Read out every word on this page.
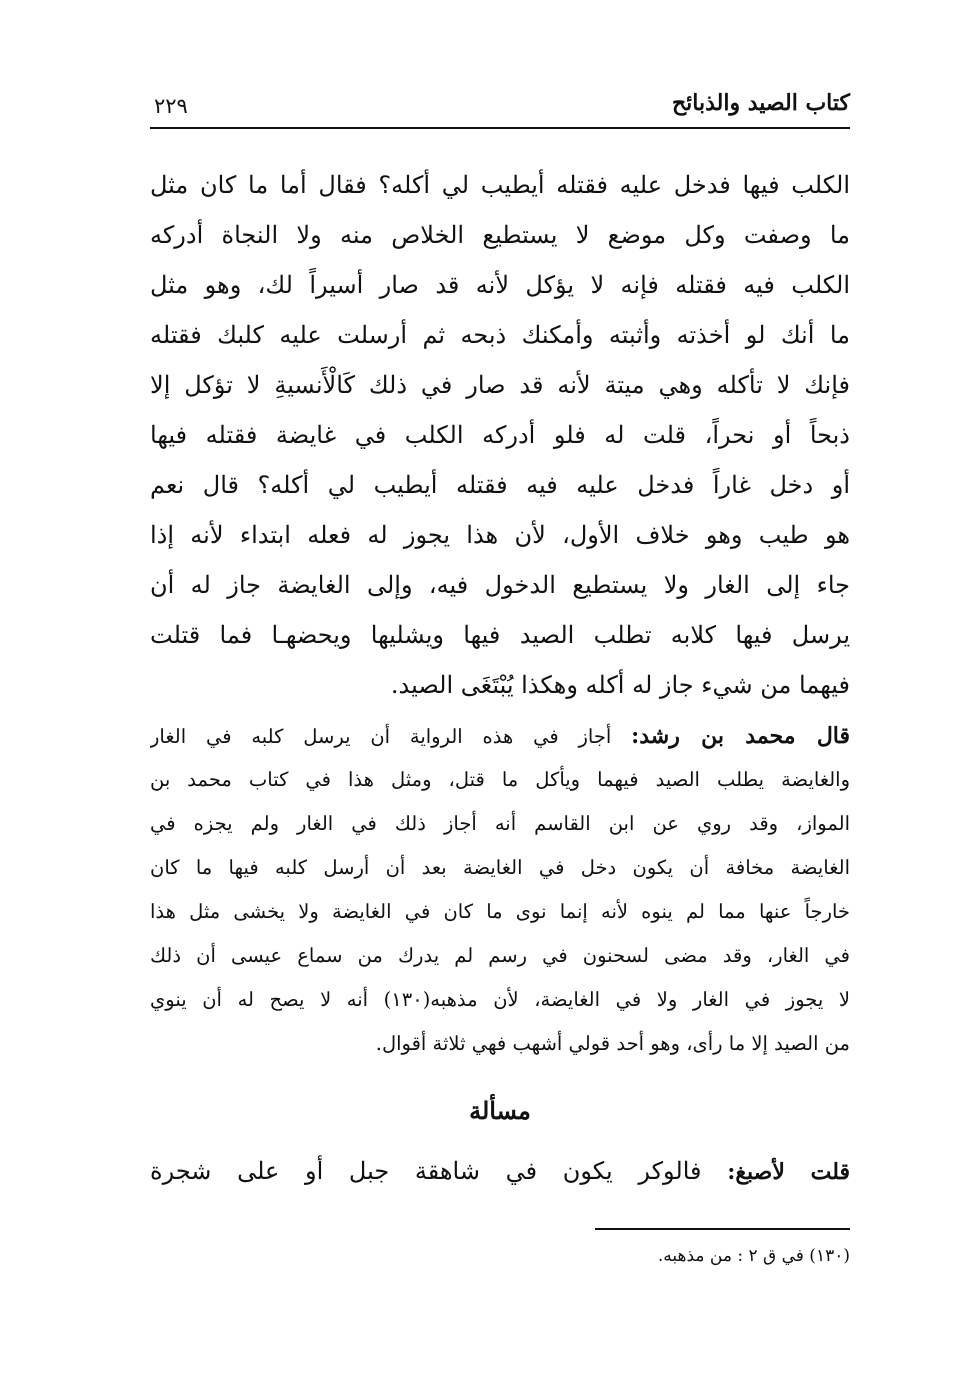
كتاب الصيد والذبائح
٢٢٩
الكلب فيها فدخل عليه فقتله أيطيب لي أكله؟ فقال أما ما كان مثل
ما وصفت وكل موضع لا يستطيع الخلاص منه ولا النجاة أدركه
الكلب فيه فقتله فإنه لا يؤكل لأنه قد صار أسيراً لك، وهو مثل
ما أنك لو أخذته وأثبته وأمكنك ذبحه ثم أرسلت عليه كلبك فقتله
فإنك لا تأكله وهي ميتة لأنه قد صار في ذلك كَالْأَنسيةِ لا تؤكل إلا
ذبحاً أو نحراً، قلت له فلو أدركه الكلب في غايضة فقتله فيها
أو دخل غاراً فدخل عليه فيه فقتله أيطيب لي أكله؟ قال نعم
هو طيب وهو خلاف الأول، لأن هذا يجوز له فعله ابتداء لأنه إذا
جاء إلى الغار ولا يستطيع الدخول فيه، وإلى الغايضة جاز له أن
يرسل فيها كلابه تطلب الصيد فيها ويشليها ويحضهـا فما قتلت
فيهما من شيء جاز له أكله وهكذا يُبْتَغَى الصيد.
قال محمد بن رشد: أجاز في هذه الرواية أن يرسل كلبه في الغار
والغايضة يطلب الصيد فيهما ويأكل ما قتل، ومثل هذا في كتاب محمد بن
المواز، وقد روي عن ابن القاسم أنه أجاز ذلك في الغار ولم يجزه في
الغايضة مخافة أن يكون دخل في الغايضة بعد أن أرسل كلبه فيها ما كان
خارجاً عنها مما لم ينوه لأنه إنما نوى ما كان في الغايضة ولا يخشى مثل هذا
في الغار، وقد مضى لسحنون في رسم لم يدرك من سماع عيسى أن ذلك
لا يجوز في الغار ولا في الغايضة، لأن مذهبه(١٣٠) أنه لا يصح له أن ينوي
من الصيد إلا ما رأى، وهو أحد قولي أشهب فهي ثلاثة أقوال.
مسألة
قلت لأصبغ: فالوكر يكون في شاهقة جبل أو على شجرة
(١٣٠) في ق ٢ : من مذهبه.
